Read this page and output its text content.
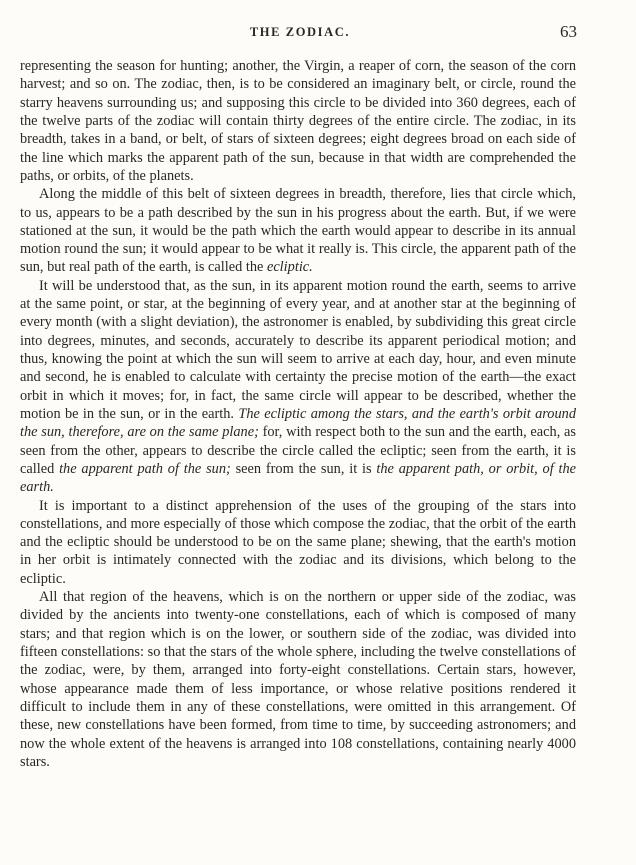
THE ZODIAC.	63

representing the season for hunting; another, the Virgin, a reaper of corn, the season of the corn harvest; and so on. The zodiac, then, is to be considered an imaginary belt, or circle, round the starry heavens surrounding us; and supposing this circle to be divided into 360 degrees, each of the twelve parts of the zodiac will contain thirty degrees of the entire circle. The zodiac, in its breadth, takes in a band, or belt, of stars of sixteen degrees; eight degrees broad on each side of the line which marks the apparent path of the sun, because in that width are comprehended the paths, or orbits, of the planets.

Along the middle of this belt of sixteen degrees in breadth, therefore, lies that circle which, to us, appears to be a path described by the sun in his progress about the earth. But, if we were stationed at the sun, it would be the path which the earth would appear to describe in its annual motion round the sun; it would appear to be what it really is. This circle, the apparent path of the sun, but real path of the earth, is called the ecliptic.

It will be understood that, as the sun, in its apparent motion round the earth, seems to arrive at the same point, or star, at the beginning of every year, and at another star at the beginning of every month (with a slight deviation), the astronomer is enabled, by subdividing this great circle into degrees, minutes, and seconds, accurately to describe its apparent periodical motion; and thus, knowing the point at which the sun will seem to arrive at each day, hour, and even minute and second, he is enabled to calculate with certainty the precise motion of the earth—the exact orbit in which it moves; for, in fact, the same circle will appear to be described, whether the motion be in the sun, or in the earth. The ecliptic among the stars, and the earth's orbit around the sun, therefore, are on the same plane; for, with respect both to the sun and the earth, each, as seen from the other, appears to describe the circle called the ecliptic; seen from the earth, it is called the apparent path of the sun; seen from the sun, it is the apparent path, or orbit, of the earth.

It is important to a distinct apprehension of the uses of the grouping of the stars into constellations, and more especially of those which compose the zodiac, that the orbit of the earth and the ecliptic should be understood to be on the same plane; shewing, that the earth's motion in her orbit is intimately connected with the zodiac and its divisions, which belong to the ecliptic.

All that region of the heavens, which is on the northern or upper side of the zodiac, was divided by the ancients into twenty-one constellations, each of which is composed of many stars; and that region which is on the lower, or southern side of the zodiac, was divided into fifteen constellations: so that the stars of the whole sphere, including the twelve constellations of the zodiac, were, by them, arranged into forty-eight constellations. Certain stars, however, whose appearance made them of less importance, or whose relative positions rendered it difficult to include them in any of these constellations, were omitted in this arrangement. Of these, new constellations have been formed, from time to time, by succeeding astronomers; and now the whole extent of the heavens is arranged into 108 constellations, containing nearly 4000 stars.
